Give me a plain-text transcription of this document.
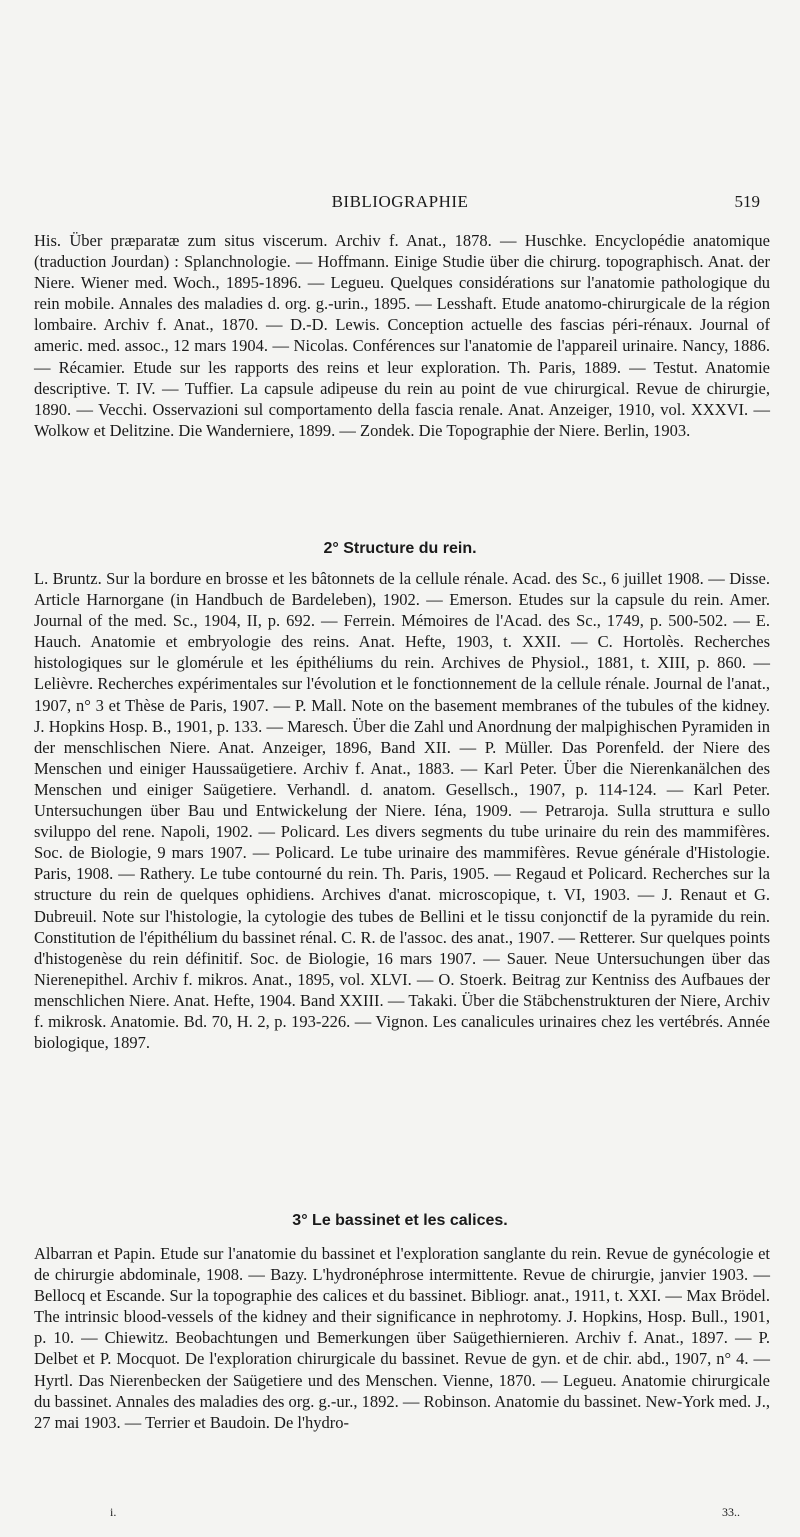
BIBLIOGRAPHIE	519

His. Über præparatæ zum situs viscerum. Archiv f. Anat., 1878. — Huschke. Encyclopédie anatomique (traduction Jourdan) : Splanchnologie. — Hoffmann. Einige Studie über die chirurg. topographisch. Anat. der Niere. Wiener med. Woch., 1895-1896. — Legueu. Quelques considérations sur l'anatomie pathologique du rein mobile. Annales des maladies d. org. g.-urin., 1895. — Lesshaft. Etude anatomo-chirurgicale de la région lombaire. Archiv f. Anat., 1870. — D.-D. Lewis. Conception actuelle des fascias péri-rénaux. Journal of americ. med. assoc., 12 mars 1904. — Nicolas. Conférences sur l'anatomie de l'appareil urinaire. Nancy, 1886. — Récamier. Etude sur les rapports des reins et leur exploration. Th. Paris, 1889. — Testut. Anatomie descriptive. T. IV. — Tuffier. La capsule adipeuse du rein au point de vue chirurgical. Revue de chirurgie, 1890. — Vecchi. Osservazioni sul comportamento della fascia renale. Anat. Anzeiger, 1910, vol. XXXVI. — Wolkow et Delitzine. Die Wanderniere, 1899. — Zondek. Die Topographie der Niere. Berlin, 1903.

2° Structure du rein.

L. Bruntz. Sur la bordure en brosse et les bâtonnets de la cellule rénale. Acad. des Sc., 6 juillet 1908. — Disse. Article Harnorgane (in Handbuch de Bardeleben), 1902. — Emerson. Etudes sur la capsule du rein. Amer. Journal of the med. Sc., 1904, II, p. 692. — Ferrein. Mémoires de l'Acad. des Sc., 1749, p. 500-502. — E. Hauch. Anatomie et embryologie des reins. Anat. Hefte, 1903, t. XXII. — C. Hortolès. Recherches histologiques sur le glomérule et les épithéliums du rein. Archives de Physiol., 1881, t. XIII, p. 860. — Lelièvre. Recherches expérimentales sur l'évolution et le fonctionnement de la cellule rénale. Journal de l'anat., 1907, n° 3 et Thèse de Paris, 1907. — P. Mall. Note on the basement membranes of the tubules of the kidney. J. Hopkins Hosp. B., 1901, p. 133. — Maresch. Über die Zahl und Anordnung der malpighischen Pyramiden in der menschlischen Niere. Anat. Anzeiger, 1896, Band XII. — P. Müller. Das Porenfeld. der Niere des Menschen und einiger Haussaügetiere. Archiv f. Anat., 1883. — Karl Peter. Über die Nierenkanälchen des Menschen und einiger Saügetiere. Verhandl. d. anatom. Gesellsch., 1907, p. 114-124. — Karl Peter. Untersuchungen über Bau und Entwickelung der Niere. Iéna, 1909. — Petraroja. Sulla struttura e sullo sviluppo del rene. Napoli, 1902. — Policard. Les divers segments du tube urinaire du rein des mammifères. Soc. de Biologie, 9 mars 1907. — Policard. Le tube urinaire des mammifères. Revue générale d'Histologie. Paris, 1908. — Rathery. Le tube contourné du rein. Th. Paris, 1905. — Regaud et Policard. Recherches sur la structure du rein de quelques ophidiens. Archives d'anat. microscopique, t. VI, 1903. — J. Renaut et G. Dubreuil. Note sur l'histologie, la cytologie des tubes de Bellini et le tissu conjonctif de la pyramide du rein. Constitution de l'épithélium du bassinet rénal. C. R. de l'assoc. des anat., 1907. — Retterer. Sur quelques points d'histogenèse du rein définitif. Soc. de Biologie, 16 mars 1907. — Sauer. Neue Untersuchungen über das Nierenepithel. Archiv f. mikros. Anat., 1895, vol. XLVI. — O. Stoerk. Beitrag zur Kentniss des Aufbaues der menschlichen Niere. Anat. Hefte, 1904. Band XXIII. — Takaki. Über die Stäbchenstrukturen der Niere, Archiv f. mikrosk. Anatomie. Bd. 70, H. 2, p. 193-226. — Vignon. Les canalicules urinaires chez les vertébrés. Année biologique, 1897.

3° Le bassinet et les calices.

Albarran et Papin. Etude sur l'anatomie du bassinet et l'exploration sanglante du rein. Revue de gynécologie et de chirurgie abdominale, 1908. — Bazy. L'hydronéphrose intermittente. Revue de chirurgie, janvier 1903. — Bellocq et Escande. Sur la topographie des calices et du bassinet. Bibliogr. anat., 1911, t. XXI. — Max Brödel. The intrinsic blood-vessels of the kidney and their significance in nephrotomy. J. Hopkins, Hosp. Bull., 1901, p. 10. — Chiewitz. Beobachtungen und Bemerkungen über Saügethiernieren. Archiv f. Anat., 1897. — P. Delbet et P. Mocquot. De l'exploration chirurgicale du bassinet. Revue de gyn. et de chir. abd., 1907, n° 4. — Hyrtl. Das Nierenbecken der Saügetiere und des Menschen. Vienne, 1870. — Legueu. Anatomie chirurgicale du bassinet. Annales des maladies des org. g.-ur., 1892. — Robinson. Anatomie du bassinet. New-York med. J., 27 mai 1903. — Terrier et Baudoin. De l'hydro-

i.	33..
